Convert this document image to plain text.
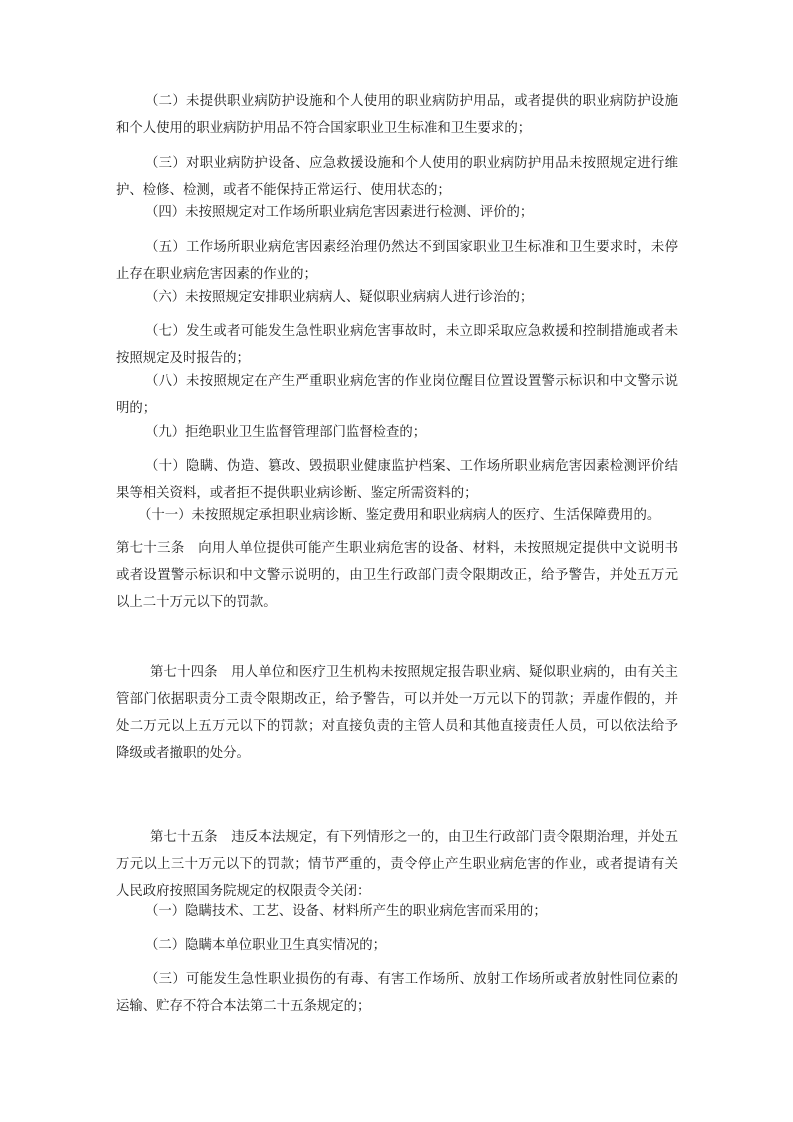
（二）未提供职业病防护设施和个人使用的职业病防护用品，或者提供的职业病防护设施和个人使用的职业病防护用品不符合国家职业卫生标准和卫生要求的；

（三）对职业病防护设备、应急救援设施和个人使用的职业病防护用品未按照规定进行维护、检修、检测，或者不能保持正常运行、使用状态的；

（四）未按照规定对工作场所职业病危害因素进行检测、评价的；

（五）工作场所职业病危害因素经治理仍然达不到国家职业卫生标准和卫生要求时，未停止存在职业病危害因素的作业的；

（六）未按照规定安排职业病病人、疑似职业病病人进行诊治的；

（七）发生或者可能发生急性职业病危害事故时，未立即采取应急救援和控制措施或者未按照规定及时报告的；

（八）未按照规定在产生严重职业病危害的作业岗位醒目位置设置警示标识和中文警示说明的；

（九）拒绝职业卫生监督管理部门监督检查的；

（十）隐瞒、伪造、篡改、毁损职业健康监护档案、工作场所职业病危害因素检测评价结果等相关资料，或者拒不提供职业病诊断、鉴定所需资料的；

（十一）未按照规定承担职业病诊断、鉴定费用和职业病病人的医疗、生活保障费用的。

第七十三条　向用人单位提供可能产生职业病危害的设备、材料，未按照规定提供中文说明书或者设置警示标识和中文警示说明的，由卫生行政部门责令限期改正，给予警告，并处五万元以上二十万元以下的罚款。

第七十四条　用人单位和医疗卫生机构未按照规定报告职业病、疑似职业病的，由有关主管部门依据职责分工责令限期改正，给予警告，可以并处一万元以下的罚款；弄虚作假的，并处二万元以上五万元以下的罚款；对直接负责的主管人员和其他直接责任人员，可以依法给予降级或者撤职的处分。

第七十五条　违反本法规定，有下列情形之一的，由卫生行政部门责令限期治理，并处五万元以上三十万元以下的罚款；情节严重的，责令停止产生职业病危害的作业，或者提请有关人民政府按照国务院规定的权限责令关闭：

（一）隐瞒技术、工艺、设备、材料所产生的职业病危害而采用的；

（二）隐瞒本单位职业卫生真实情况的；

（三）可能发生急性职业损伤的有毒、有害工作场所、放射工作场所或者放射性同位素的运输、贮存不符合本法第二十五条规定的；
